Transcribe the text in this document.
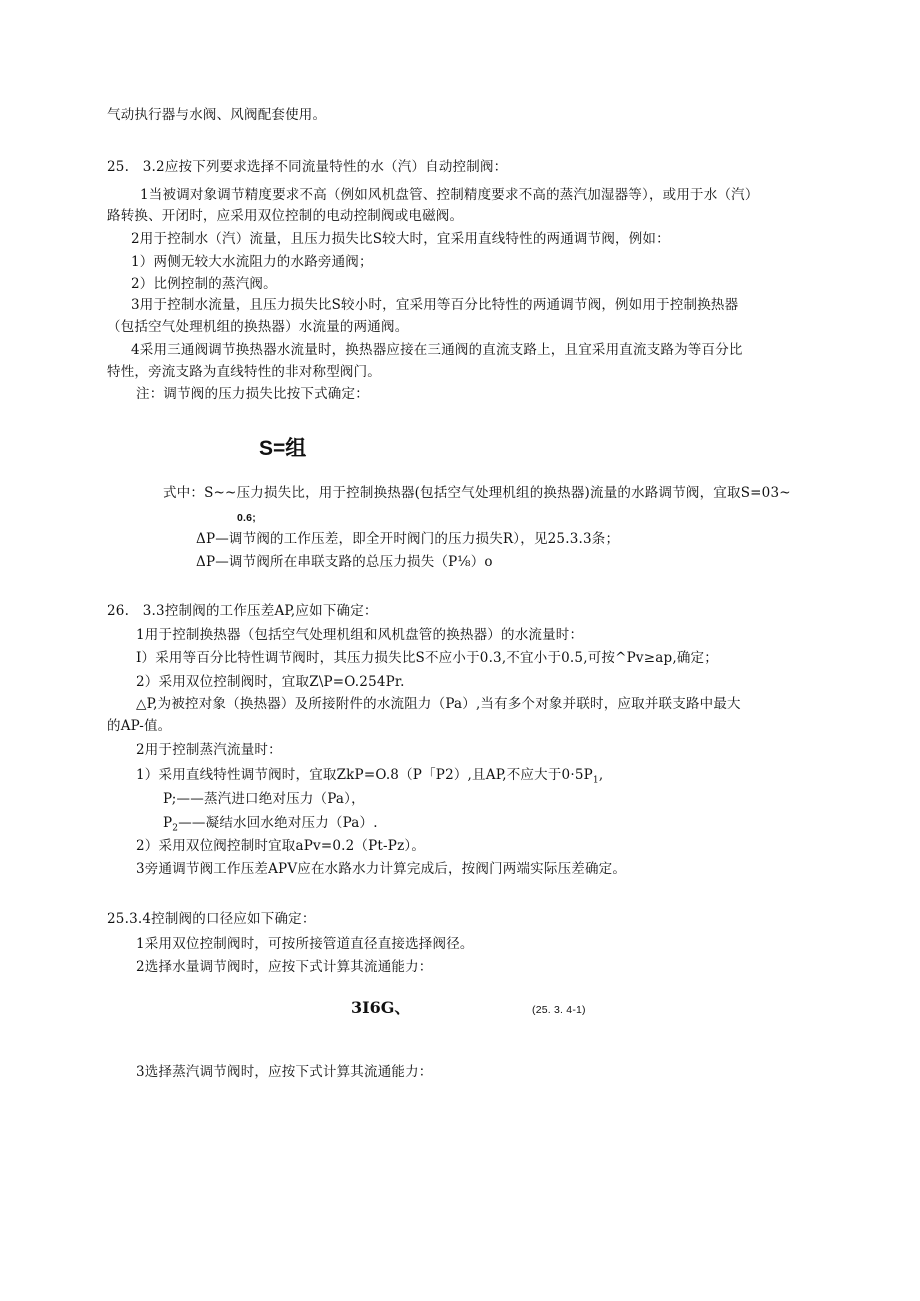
气动执行器与水阀、风阀配套使用。
25.　3.2应按下列要求选择不同流量特性的水（汽）自动控制阀：
1当被调对象调节精度要求不高（例如风机盘管、控制精度要求不高的蒸汽加湿器等），或用于水（汽）
路转换、开闭时，应采用双位控制的电动控制阀或电磁阀。
2用于控制水（汽）流量，且压力损失比S较大时，宜采用直线特性的两通调节阀，例如：
1）两侧无较大水流阻力的水路旁通阀；
2）比例控制的蒸汽阀。
3用于控制水流量，且压力损失比S较小时，宜采用等百分比特性的两通调节阀，例如用于控制换热器
（包括空气处理机组的换热器）水流量的两通阀。
4采用三通阀调节换热器水流量时，换热器应接在三通阀的直流支路上，且宜采用直流支路为等百分比
特性，旁流支路为直线特性的非对称型阀门。
注：调节阀的压力损失比按下式确定：
S=组
式中：S~~压力损失比，用于控制换热器(包括空气处理机组的换热器)流量的水路调节阀，宜取S=03~
0.6;
ΔP—调节阀的工作压差，即全开时阀门的压力损失R），见25.3.3条；
ΔP—调节阀所在串联支路的总压力损失（P⅛）o
26.　3.3控制阀的工作压差AP,应如下确定：
1用于控制换热器（包括空气处理机组和风机盘管的换热器）的水流量时：
I）采用等百分比特性调节阀时，其压力损失比S不应小于0.3,不宜小于0.5,可按^Pv≥ap,确定；
2）采用双位控制阀时，宜取Z\P=O.254Pr.
△P,为被控对象（换热器）及所接附件的水流阻力（Pa）,当有多个对象并联时，应取并联支路中最大
的AP-值。
2用于控制蒸汽流量时：
1）采用直线特性调节阀时，宜取ZkP=O.8（P「P2）,且AP,不应大于$0\cdot 5P_1$,
P;——蒸汽进口绝对压力（Pa），
$P_2——$凝结水回水绝对压力（Pa）.
2）采用双位阀控制时宜取aPv=0.2（Pt-Pz）。
3旁通调节阀工作压差APV应在水路水力计算完成后，按阀门两端实际压差确定。
25.3.4控制阀的口径应如下确定：
1采用双位控制阀时，可按所接管道直径直接选择阀径。
2选择水量调节阀时，应按下式计算其流通能力：
3I6G、	(25. 3. 4-1)
3选择蒸汽调节阀时，应按下式计算其流通能力：
